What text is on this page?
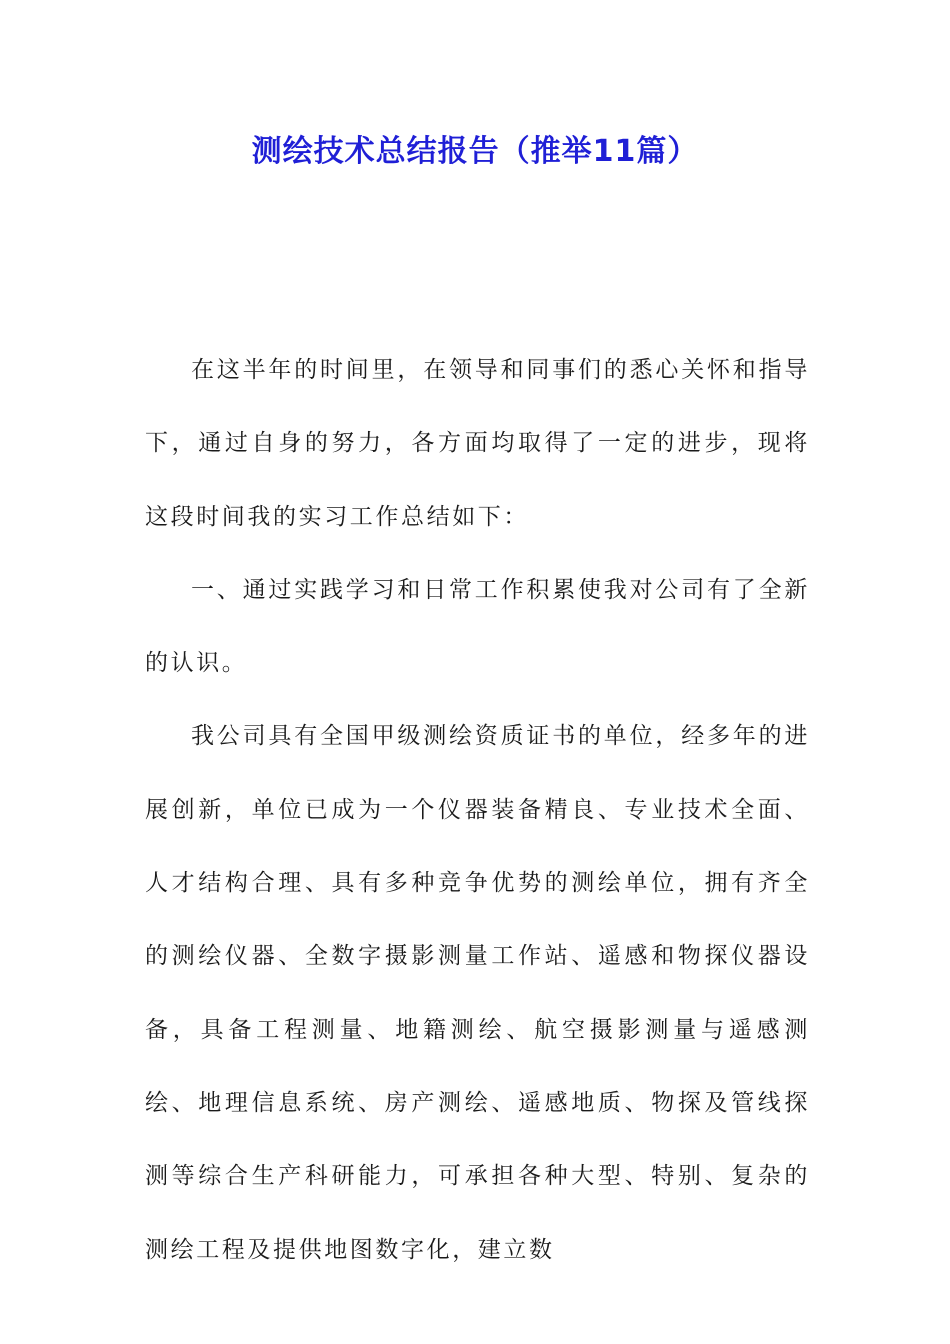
测绘技术总结报告（推举11篇）

在这半年的时间里，在领导和同事们的悉心关怀和指导下，通过自身的努力，各方面均取得了一定的进步，现将这段时间我的实习工作总结如下：

一、通过实践学习和日常工作积累使我对公司有了全新的认识。

我公司具有全国甲级测绘资质证书的单位，经多年的进展创新，单位已成为一个仪器装备精良、专业技术全面、人才结构合理、具有多种竞争优势的测绘单位，拥有齐全的测绘仪器、全数字摄影测量工作站、遥感和物探仪器设备，具备工程测量、地籍测绘、航空摄影测量与遥感测绘、地理信息系统、房产测绘、遥感地质、物探及管线探测等综合生产科研能力，可承担各种大型、特别、复杂的测绘工程及提供地图数字化，建立数
